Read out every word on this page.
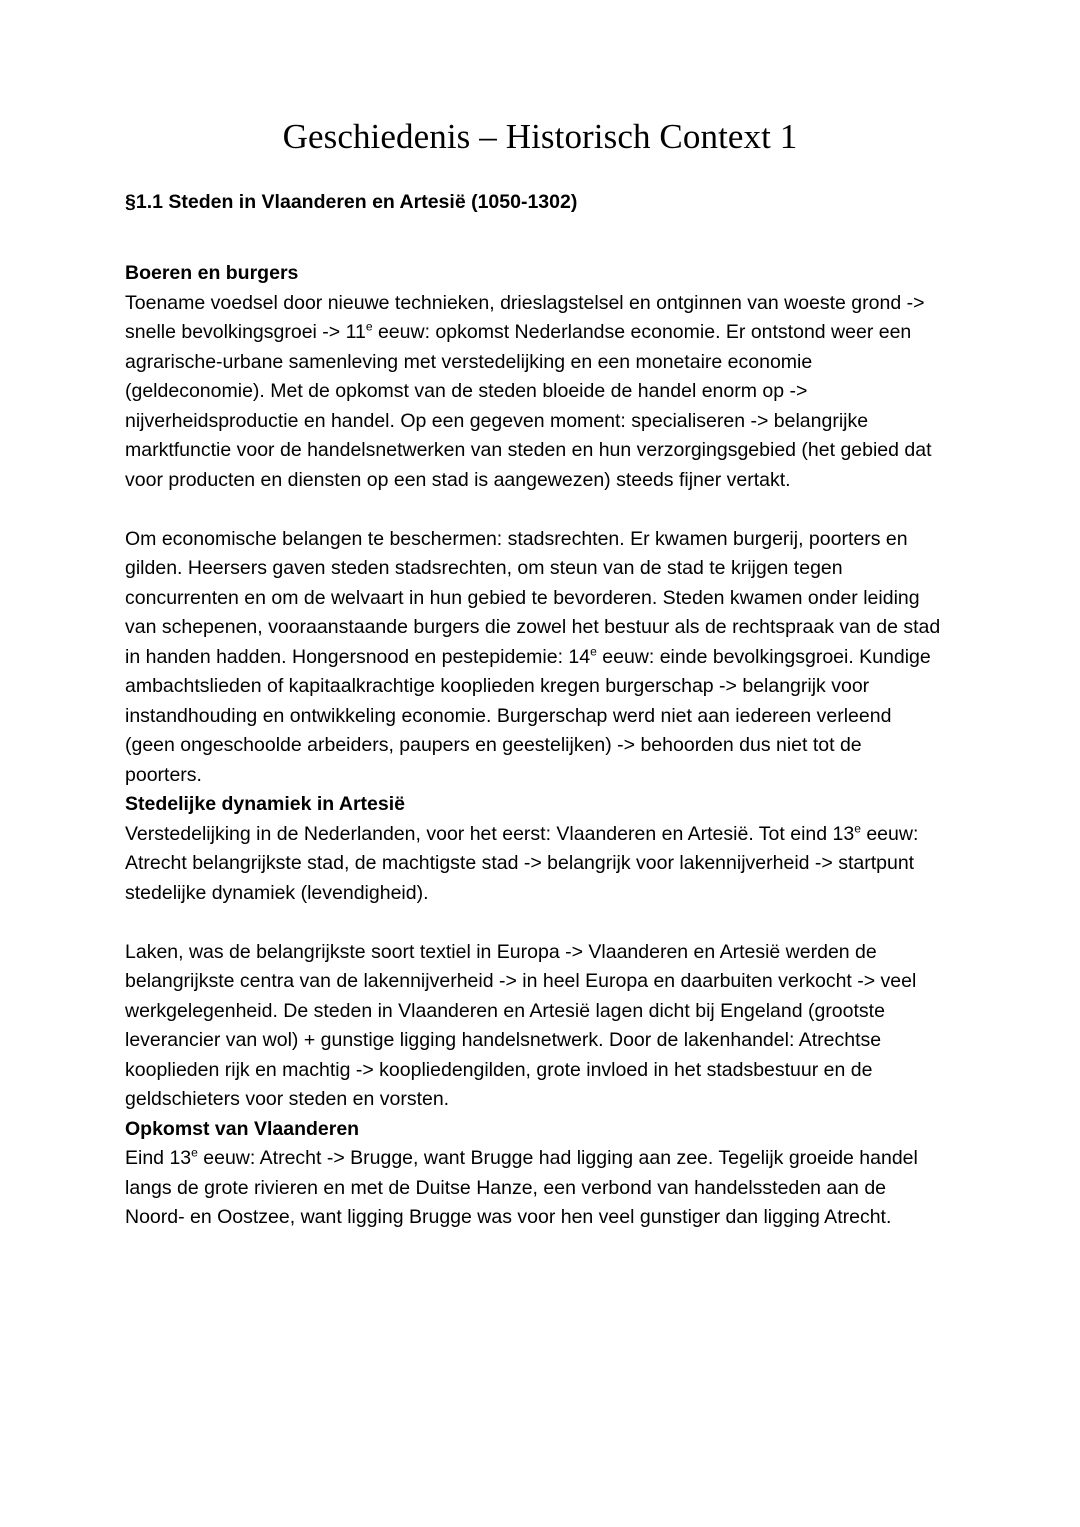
Geschiedenis – Historisch Context 1
§1.1 Steden in Vlaanderen en Artesië (1050-1302)
Boeren en burgers

Toename voedsel door nieuwe technieken, drieslagstelsel en ontginnen van woeste grond -> snelle bevolkingsgroei -> $11^e$ eeuw: opkomst Nederlandse economie. Er ontstond weer een agrarische-urbane samenleving met verstedelijking en een monetaire economie (geldeconomie). Met de opkomst van de steden bloeide de handel enorm op -> nijverheidsproductie en handel. Op een gegeven moment: specialiseren -> belangrijke marktfunctie voor de handelsnetwerken van steden en hun verzorgingsgebied (het gebied dat voor producten en diensten op een stad is aangewezen) steeds fijner vertakt.

Om economische belangen te beschermen: stadsrechten. Er kwamen burgerij, poorters en gilden. Heersers gaven steden stadsrechten, om steun van de stad te krijgen tegen concurrenten en om de welvaart in hun gebied te bevorderen. Steden kwamen onder leiding van schepenen, vooraanstaande burgers die zowel het bestuur als de rechtspraak van de stad in handen hadden. Hongersnood en pestepidemie: 14e eeuw: einde bevolkingsgroei. Kundige ambachtslieden of kapitaalkrachtige kooplieden kregen burgerschap -> belangrijk voor instandhouding en ontwikkeling economie. Burgerschap werd niet aan iedereen verleend (geen ongeschoolde arbeiders, paupers en geestelijken) -> behoorden dus niet tot de poorters.

Stedelijke dynamiek in Artesië

Verstedelijking in de Nederlanden, voor het eerst: Vlaanderen en Artesië. Tot eind 13e eeuw: Atrecht belangrijkste stad, de machtigste stad -> belangrijk voor lakennijverheid -> startpunt stedelijke dynamiek (levendigheid).

Laken, was de belangrijkste soort textiel in Europa -> Vlaanderen en Artesië werden de belangrijkste centra van de lakennijverheid -> in heel Europa en daarbuiten verkocht -> veel werkgelegenheid. De steden in Vlaanderen en Artesië lagen dicht bij Engeland (grootste leverancier van wol) + gunstige ligging handelsnetwerk. Door de lakenhandel: Atrechtse kooplieden rijk en machtig -> koopliedengilden, grote invloed in het stadsbestuur en de geldschieters voor steden en vorsten.

Opkomst van Vlaanderen

Eind 13e eeuw: Atrecht -> Brugge, want Brugge had ligging aan zee. Tegelijk groeide handel langs de grote rivieren en met de Duitse Hanze, een verbond van handelssteden aan de Noord- en Oostzee, want ligging Brugge was voor hen veel gunstiger dan ligging Atrecht.
